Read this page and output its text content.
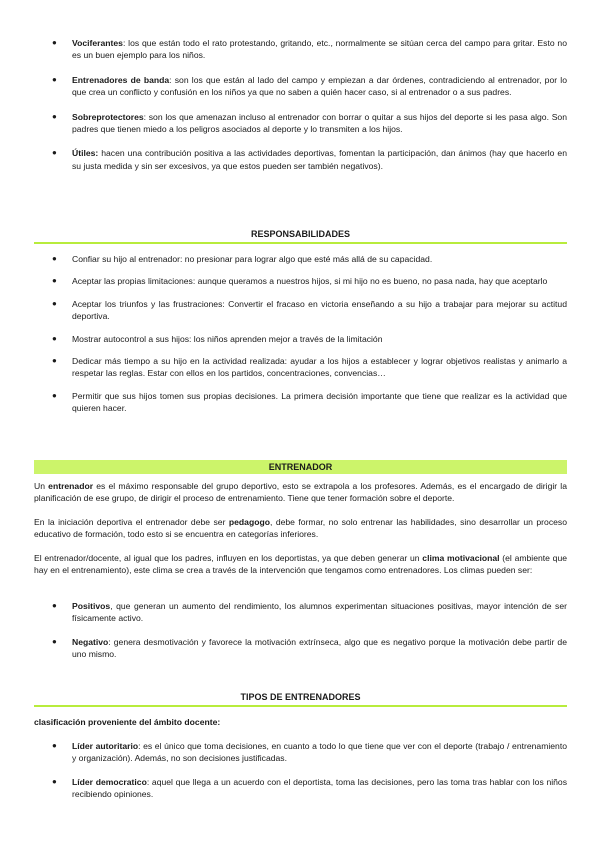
● Vociferantes: los que están todo el rato protestando, gritando, etc., normalmente se sitúan cerca del campo para gritar. Esto no es un buen ejemplo para los niños.
● Entrenadores de banda: son los que están al lado del campo y empiezan a dar órdenes, contradiciendo al entrenador, por lo que crea un conflicto y confusión en los niños ya que no saben a quién hacer caso, si al entrenador o a sus padres.
● Sobreprotectores: son los que amenazan incluso al entrenador con borrar o quitar a sus hijos del deporte si les pasa algo. Son padres que tienen miedo a los peligros asociados al deporte y lo transmiten a los hijos.
● Útiles: hacen una contribución positiva a las actividades deportivas, fomentan la participación, dan ánimos (hay que hacerlo en su justa medida y sin ser excesivos, ya que estos pueden ser también negativos).
RESPONSABILIDADES
● Confiar su hijo al entrenador: no presionar para lograr algo que esté más allá de su capacidad.
● Aceptar las propias limitaciones: aunque queramos a nuestros hijos, si mi hijo no es bueno, no pasa nada, hay que aceptarlo
● Aceptar los triunfos y las frustraciones: Convertir el fracaso en victoria enseñando a su hijo a trabajar para mejorar su actitud deportiva.
● Mostrar autocontrol a sus hijos: los niños aprenden mejor a través de la limitación
● Dedicar más tiempo a su hijo en la actividad realizada: ayudar a los hijos a establecer y lograr objetivos realistas y animarlo a respetar las reglas. Estar con ellos en los partidos, concentraciones, convencias…
● Permitir que sus hijos tomen sus propias decisiones. La primera decisión importante que tiene que realizar es la actividad que quieren hacer.
ENTRENADOR

Un entrenador es el máximo responsable del grupo deportivo, esto se extrapola a los profesores. Además, es el encargado de dirigir la planificación de ese grupo, de dirigir el proceso de entrenamiento. Tiene que tener formación sobre el deporte.

En la iniciación deportiva el entrenador debe ser pedagogo, debe formar, no solo entrenar las habilidades, sino desarrollar un proceso educativo de formación, todo esto si se encuentra en categorías inferiores.

El entrenador/docente, al igual que los padres, influyen en los deportistas, ya que deben generar un clima motivacional (el ambiente que hay en el entrenamiento), este clima se crea a través de la intervención que tengamos como entrenadores. Los climas pueden ser:

● Positivos, que generan un aumento del rendimiento, los alumnos experimentan situaciones positivas, mayor intención de ser físicamente activo.
● Negativo: genera desmotivación y favorece la motivación extrínseca, algo que es negativo porque la motivación debe partir de uno mismo.
TIPOS DE ENTRENADORES
clasificación proveniente del ámbito docente:
● Líder autoritario: es el único que toma decisiones, en cuanto a todo lo que tiene que ver con el deporte (trabajo / entrenamiento y organización). Además, no son decisiones justificadas.
● Líder democratico: aquel que llega a un acuerdo con el deportista, toma las decisiones, pero las toma tras hablar con los niños recibiendo opiniones.
